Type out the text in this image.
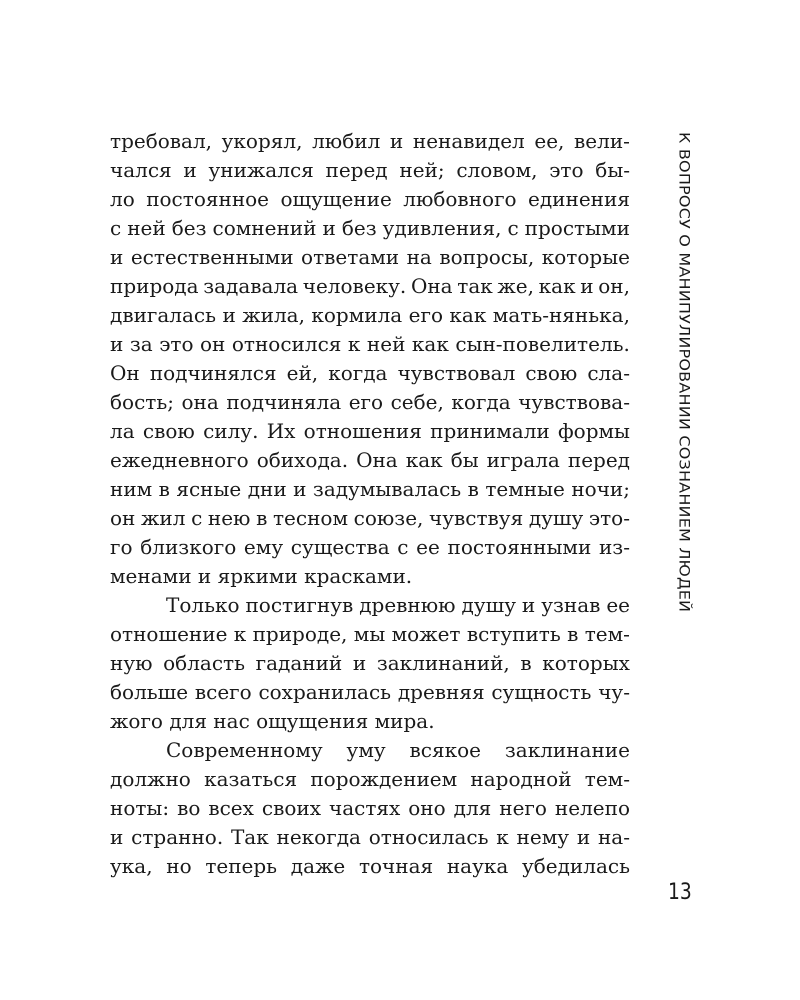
К ВОПРОСУ О МАНИПУЛИРОВАНИИ СОЗНАНИЕМ ЛЮДЕЙ
требовал, укорял, любил и ненавидел ее, вели-
чался и унижался перед ней; словом, это бы-
ло постоянное ощущение любовного единения
с ней без сомнений и без удивления, с простыми
и естественными ответами на вопросы, которые
природа задавала человеку. Она так же, как и он,
двигалась и жила, кормила его как мать-нянька,
и за это он относился к ней как сын-повелитель.
Он подчинялся ей, когда чувствовал свою сла-
бость; она подчиняла его себе, когда чувствова-
ла свою силу. Их отношения принимали формы
ежедневного обихода. Она как бы играла перед
ним в ясные дни и задумывалась в темные ночи;
он жил с нею в тесном союзе, чувствуя душу это-
го близкого ему существа с ее постоянными из-
менами и яркими красками.
Только постигнув древнюю душу и узнав ее
отношение к природе, мы может вступить в тем-
ную область гаданий и заклинаний, в которых
больше всего сохранилась древняя сущность чу-
жого для нас ощущения мира.
Современному уму всякое заклинание
должно казаться порождением народной тем-
ноты: во всех своих частях оно для него нелепо
и странно. Так некогда относилась к нему и на-
ука, но теперь даже точная наука убедилась
13
